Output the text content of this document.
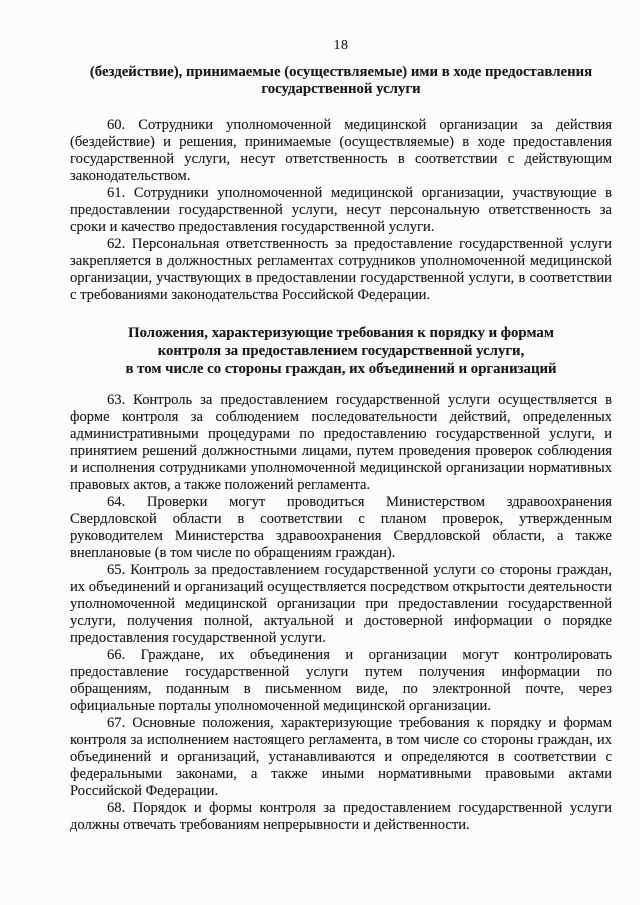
18
(бездействие), принимаемые (осуществляемые) ими в ходе предоставления
государственной услуги

60. Сотрудники уполномоченной медицинской организации за действия (бездействие) и решения, принимаемые (осуществляемые) в ходе предоставления государственной услуги, несут ответственность в соответствии с действующим законодательством.

61. Сотрудники уполномоченной медицинской организации, участвующие в предоставлении государственной услуги, несут персональную ответственность за сроки и качество предоставления государственной услуги.

62. Персональная ответственность за предоставление государственной услуги закрепляется в должностных регламентах сотрудников уполномоченной медицинской организации, участвующих в предоставлении государственной услуги, в соответствии с требованиями законодательства Российской Федерации.

Положения, характеризующие требования к порядку и формам
контроля за предоставлением государственной услуги,
в том числе со стороны граждан, их объединений и организаций

63. Контроль за предоставлением государственной услуги осуществляется в форме контроля за соблюдением последовательности действий, определенных административными процедурами по предоставлению государственной услуги, и принятием решений должностными лицами, путем проведения проверок соблюдения и исполнения сотрудниками уполномоченной медицинской организации нормативных правовых актов, а также положений регламента.

64. Проверки могут проводиться Министерством здравоохранения Свердловской области в соответствии с планом проверок, утвержденным руководителем Министерства здравоохранения Свердловской области, а также внеплановые (в том числе по обращениям граждан).

65. Контроль за предоставлением государственной услуги со стороны граждан, их объединений и организаций осуществляется посредством открытости деятельности уполномоченной медицинской организации при предоставлении государственной услуги, получения полной, актуальной и достоверной информации о порядке предоставления государственной услуги.

66. Граждане, их объединения и организации могут контролировать предоставление государственной услуги путем получения информации по обращениям, поданным в письменном виде, по электронной почте, через официальные порталы уполномоченной медицинской организации.

67. Основные положения, характеризующие требования к порядку и формам контроля за исполнением настоящего регламента, в том числе со стороны граждан, их объединений и организаций, устанавливаются и определяются в соответствии с федеральными законами, а также иными нормативными правовыми актами Российской Федерации.

68. Порядок и формы контроля за предоставлением государственной услуги должны отвечать требованиям непрерывности и действенности.
